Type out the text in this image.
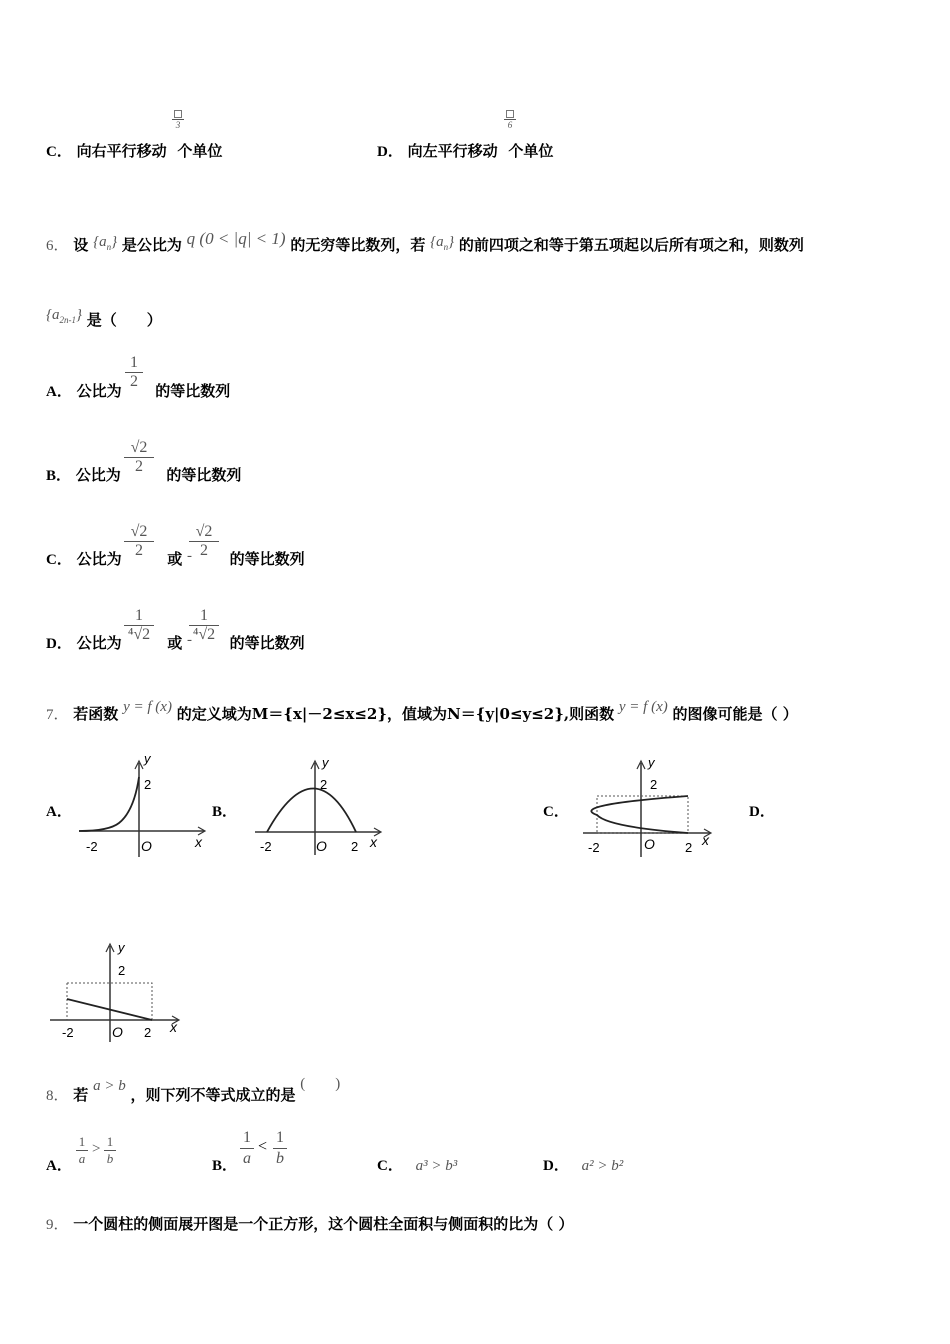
C． 向右平行移动 个单位
3
D． 向左平行移动 个单位
6
6． 设 $\{a_n\}$ 是公比为 q (0 < |q| < 1) 的无穷等比数列，若 $\{a_n\}$ 的前四项之和等于第五项起以后所有项之和，则数列
$\{a_{2n-1}\}$ 是（　　）
A． 公比为 的等比数列
$\frac{1}{2}$
B． 公比为	的等比数列
$\frac{√2}{2}$
C． 公比为	或 -	的等比数列
$\frac{√2}{2} \frac{√2}{2}$
D． 公比为	或 -	的等比数列
$\frac{1}{\text{⁴√2}} \frac{1}{\text{⁴√2}}$
7． 若函数 y = f (x) 的定义域为M＝{x|－2≤x≤2}，值域为N＝{y|0≤y≤2},则函数 y = f (x) 的图像可能是（ ）
A．	B．	C．	D．
y
2
-2	O	x
y
2
-2	O 2 x
y
2
-2	O 2 x
y
2
-2	O 2 x
8． 若 a > b ，则下列不等式成立的是 (　　)
A． $\frac{1}{a} > \frac{1}{b}$	B． $\frac{1}{a} < \frac{1}{b}$	C． a³ > b³	D． a² > b²
9． 一个圆柱的侧面展开图是一个正方形，这个圆柱全面积与侧面积的比为（ ）
